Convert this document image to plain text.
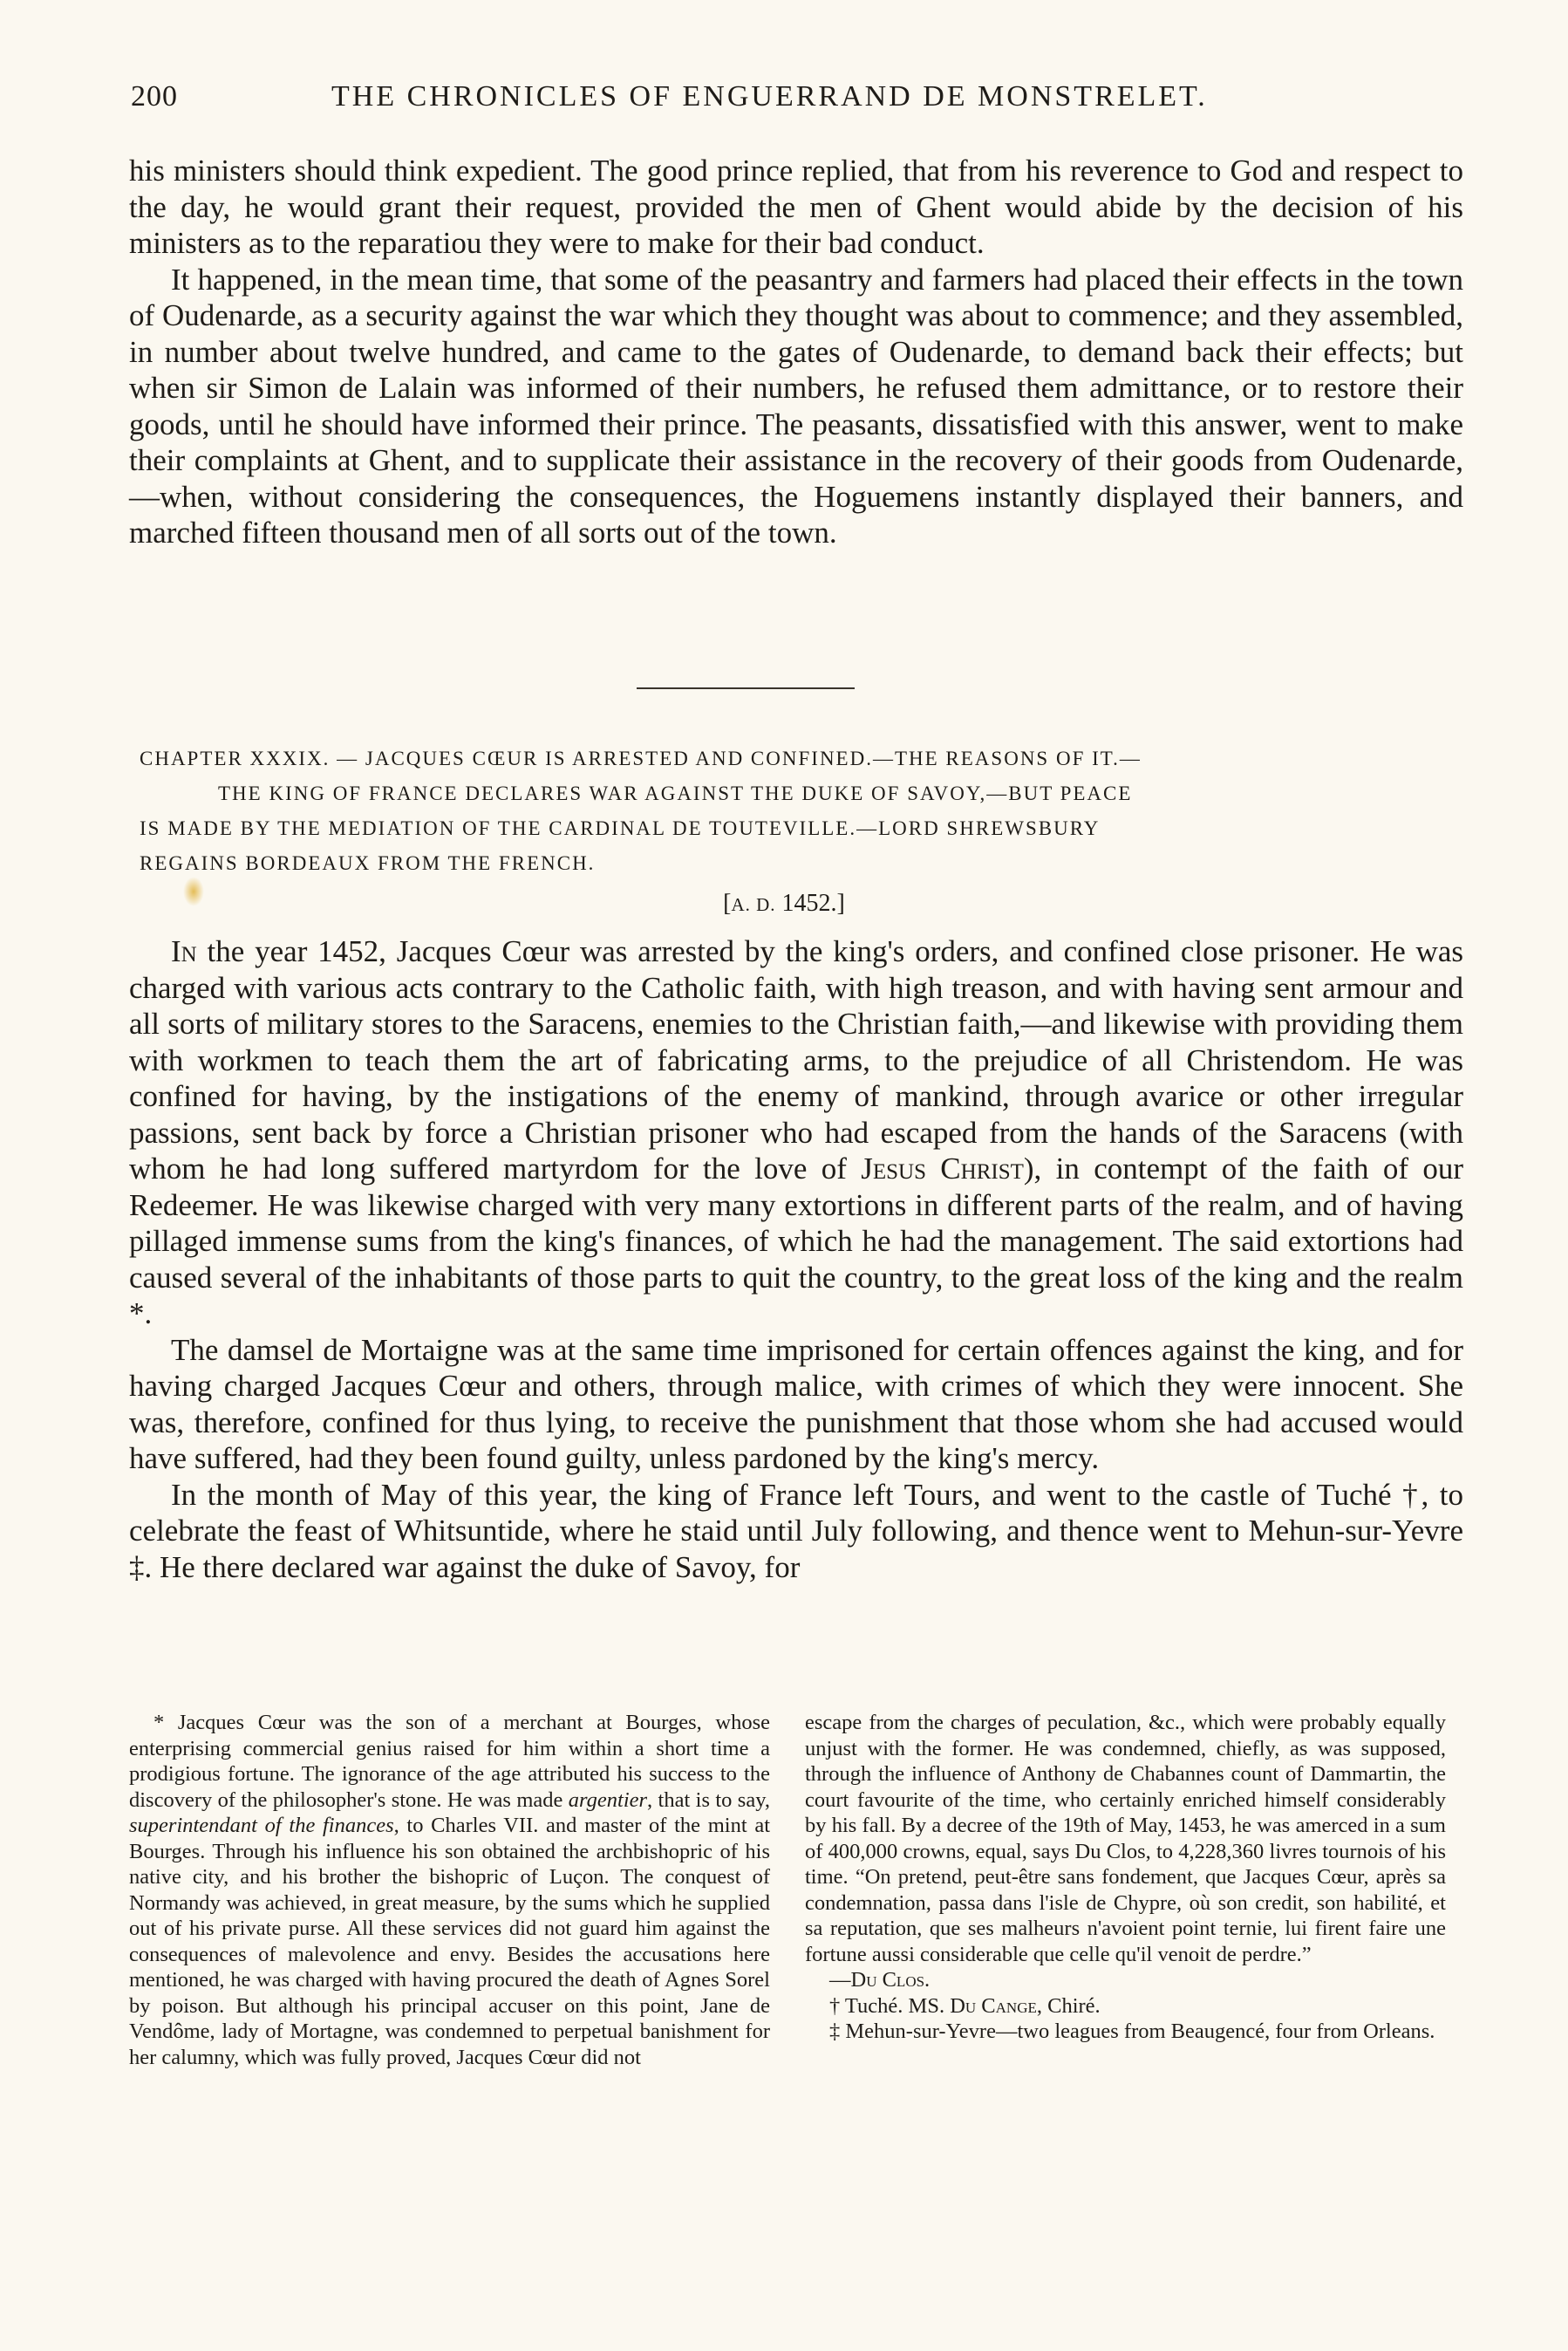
200	THE CHRONICLES OF ENGUERRAND DE MONSTRELET.

his ministers should think expedient. The good prince replied, that from his reverence to God and respect to the day, he would grant their request, provided the men of Ghent would abide by the decision of his ministers as to the reparatiou they were to make for their bad conduct.

It happened, in the mean time, that some of the peasantry and farmers had placed their effects in the town of Oudenarde, as a security against the war which they thought was about to commence; and they assembled, in number about twelve hundred, and came to the gates of Oudenarde, to demand back their effects; but when sir Simon de Lalain was informed of their numbers, he refused them admittance, or to restore their goods, until he should have informed their prince. The peasants, dissatisfied with this answer, went to make their complaints at Ghent, and to supplicate their assistance in the recovery of their goods from Oudenarde,—when, without considering the consequences, the Hoguemens instantly displayed their banners, and marched fifteen thousand men of all sorts out of the town.

CHAPTER XXXIX. — JACQUES CŒUR IS ARRESTED AND CONFINED.—THE REASONS OF IT.—
THE KING OF FRANCE DECLARES WAR AGAINST THE DUKE OF SAVOY,—BUT PEACE
IS MADE BY THE MEDIATION OF THE CARDINAL DE TOUTEVILLE.—LORD SHREWSBURY
REGAINS BORDEAUX FROM THE FRENCH.
[A. D. 1452.]

In the year 1452, Jacques Cœur was arrested by the king's orders, and confined close prisoner. He was charged with various acts contrary to the Catholic faith, with high treason, and with having sent armour and all sorts of military stores to the Saracens, enemies to the Christian faith,—and likewise with providing them with workmen to teach them the art of fabricating arms, to the prejudice of all Christendom. He was confined for having, by the instigations of the enemy of mankind, through avarice or other irregular passions, sent back by force a Christian prisoner who had escaped from the hands of the Saracens (with whom he had long suffered martyrdom for the love of Jesus Christ), in contempt of the faith of our Redeemer. He was likewise charged with very many extortions in different parts of the realm, and of having pillaged immense sums from the king's finances, of which he had the management. The said extortions had caused several of the inhabitants of those parts to quit the country, to the great loss of the king and the realm *.

The damsel de Mortaigne was at the same time imprisoned for certain offences against the king, and for having charged Jacques Cœur and others, through malice, with crimes of which they were innocent. She was, therefore, confined for thus lying, to receive the punishment that those whom she had accused would have suffered, had they been found guilty, unless pardoned by the king's mercy.

In the month of May of this year, the king of France left Tours, and went to the castle of Tuché †, to celebrate the feast of Whitsuntide, where he staid until July following, and thence went to Mehun-sur-Yevre ‡. He there declared war against the duke of Savoy, for

* Jacques Cœur was the son of a merchant at Bourges, whose enterprising commercial genius raised for him within a short time a prodigious fortune. The ignorance of the age attributed his success to the discovery of the philosopher's stone. He was made argentier, that is to say, superintendant of the finances, to Charles VII. and master of the mint at Bourges. Through his influence his son obtained the archbishopric of his native city, and his brother the bishopric of Luçon. The conquest of Normandy was achieved, in great measure, by the sums which he supplied out of his private purse. All these services did not guard him against the consequences of malevolence and envy. Besides the accusations here mentioned, he was charged with having procured the death of Agnes Sorel by poison. But although his principal accuser on this point, Jane de Vendôme, lady of Mortagne, was condemned to perpetual banishment for her calumny, which was fully proved, Jacques Cœur did not

escape from the charges of peculation, &c., which were probably equally unjust with the former. He was condemned, chiefly, as was supposed, through the influence of Anthony de Chabannes count of Dammartin, the court favourite of the time, who certainly enriched himself considerably by his fall. By a decree of the 19th of May, 1453, he was amerced in a sum of 400,000 crowns, equal, says Du Clos, to 4,228,360 livres tournois of his time. “On pretend, peut-être sans fondement, que Jacques Cœur, après sa condemnation, passa dans l'isle de Chypre, où son credit, son habilité, et sa reputation, que ses malheurs n'avoient point ternie, lui firent faire une fortune aussi considerable que celle qu'il venoit de perdre.”

—Du Clos.

† Tuché. MS. Du Cange, Chiré.

‡ Mehun-sur-Yevre—two leagues from Beaugencé, four from Orleans.
